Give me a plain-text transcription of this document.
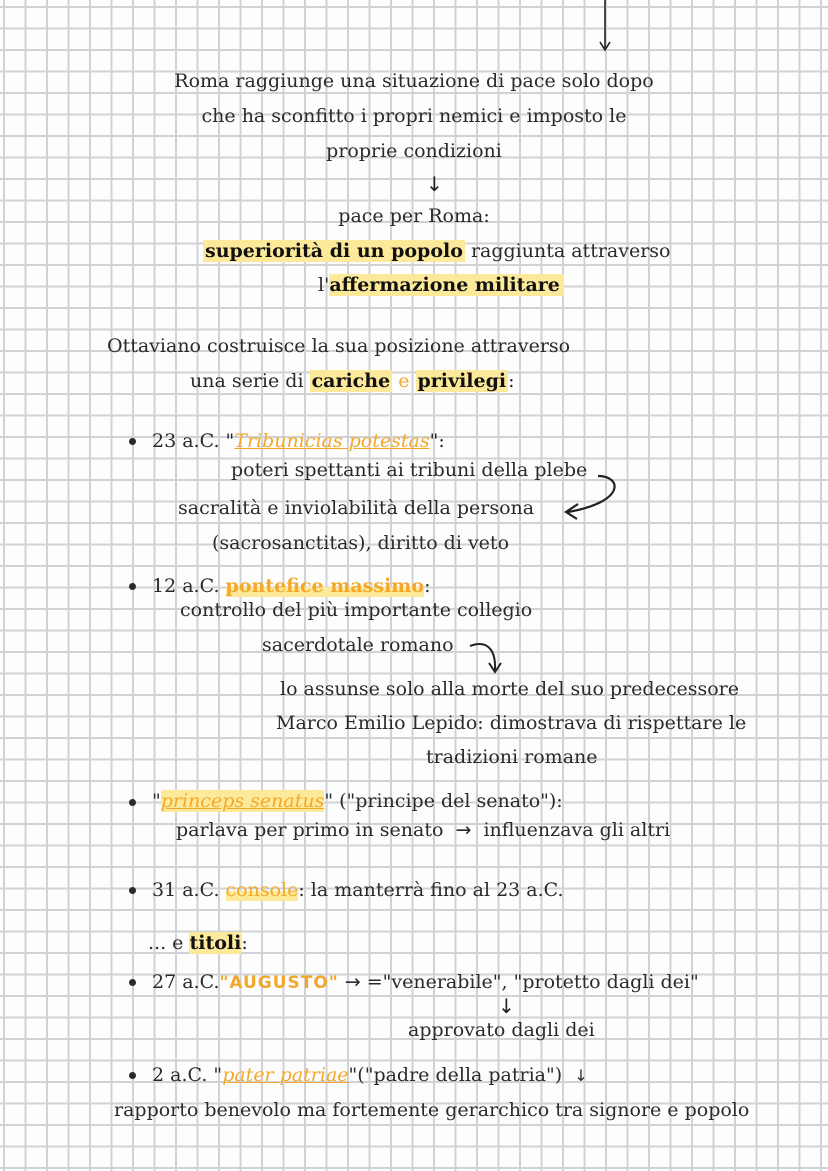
Roma raggiunge una situazione di pace solo dopo
che ha sconfitto i propri nemici e imposto le
proprie condizioni
↓
pace per Roma:
superiorità di un popolo raggiunta attraverso
l'affermazione militare
Ottaviano costruisce la sua posizione attraverso
una serie di cariche e privilegi :
23 a.C. "Tribunicias potestas":
poteri spettanti ai tribuni della plebe
sacralità e inviolabilità della persona
(sacrosanctitas), diritto di veto
12 a.C. pontefice massimo:
controllo del più importante collegio
sacerdotale romano
lo assunse solo alla morte del suo predecessore
Marco Emilio Lepido: dimostrava di rispettare le
tradizioni romane
"princeps senatus" ("principe del senato"):
parlava per primo in senato → influenzava gli altri
31 a.C. console: la manterrà fino al 23 a.C.
... e titoli:
27 a.C."AUGUSTO" → ="venerabile", "protetto dagli dei"
↓
approvato dagli dei
2 a.C. "pater patriae"("padre della patria") ↓
rapporto benevolo ma fortemente gerarchico tra signore e popolo
